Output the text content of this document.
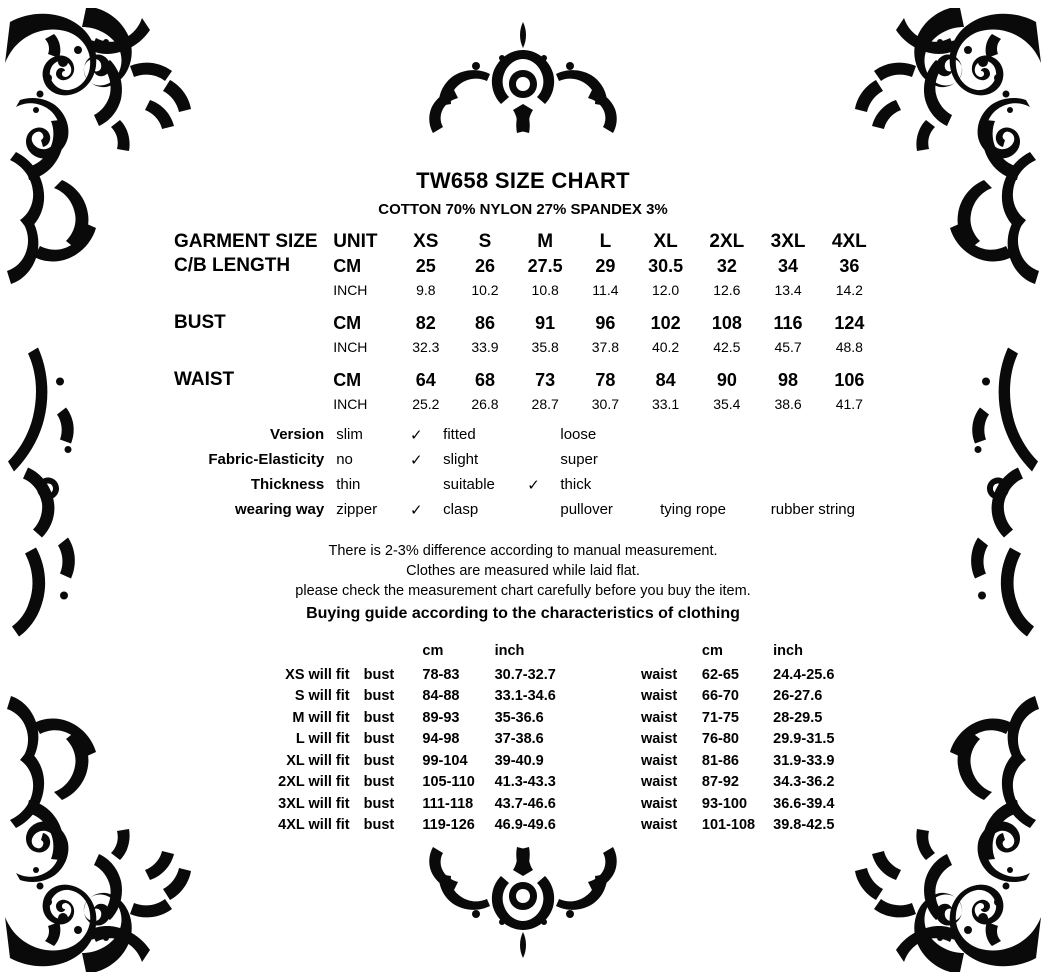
TW658 SIZE CHART
COTTON 70% NYLON 27% SPANDEX 3%
GARMENT SIZE	UNIT	XS	S	M	L	XL	2XL	3XL	4XL
C/B LENGTH	CM	25	26	27.5	29	30.5	32	34	36
	INCH	9.8	10.2	10.8	11.4	12.0	12.6	13.4	14.2

BUST	CM	82	86	91	96	102	108	116	124
	INCH	32.3	33.9	35.8	37.8	40.2	42.5	45.7	48.8

WAIST	CM	64	68	73	78	84	90	98	106
	INCH	25.2	26.8	28.7	30.7	33.1	35.4	38.6	41.7
Version	slim	✓	fitted		loose		
Fabric-Elasticity	no	✓	slight		super		
Thickness	thin		suitable	✓	thick		
wearing way	zipper	✓	clasp		pullover	tying rope	rubber string
There is 2-3% difference according to manual measurement.
Clothes are measured while laid flat.
please check the measurement chart carefully before you buy the item.
Buying guide according to the characteristics of clothing
		cm	inch		cm	inch
XS will fit	bust	78-83	30.7-32.7	waist	62-65	24.4-25.6
S will fit	bust	84-88	33.1-34.6	waist	66-70	26-27.6
M will fit	bust	89-93	35-36.6	waist	71-75	28-29.5
L will fit	bust	94-98	37-38.6	waist	76-80	29.9-31.5
XL will fit	bust	99-104	39-40.9	waist	81-86	31.9-33.9
2XL will fit	bust	105-110	41.3-43.3	waist	87-92	34.3-36.2
3XL will fit	bust	111-118	43.7-46.6	waist	93-100	36.6-39.4
4XL will fit	bust	119-126	46.9-49.6	waist	101-108	39.8-42.5
